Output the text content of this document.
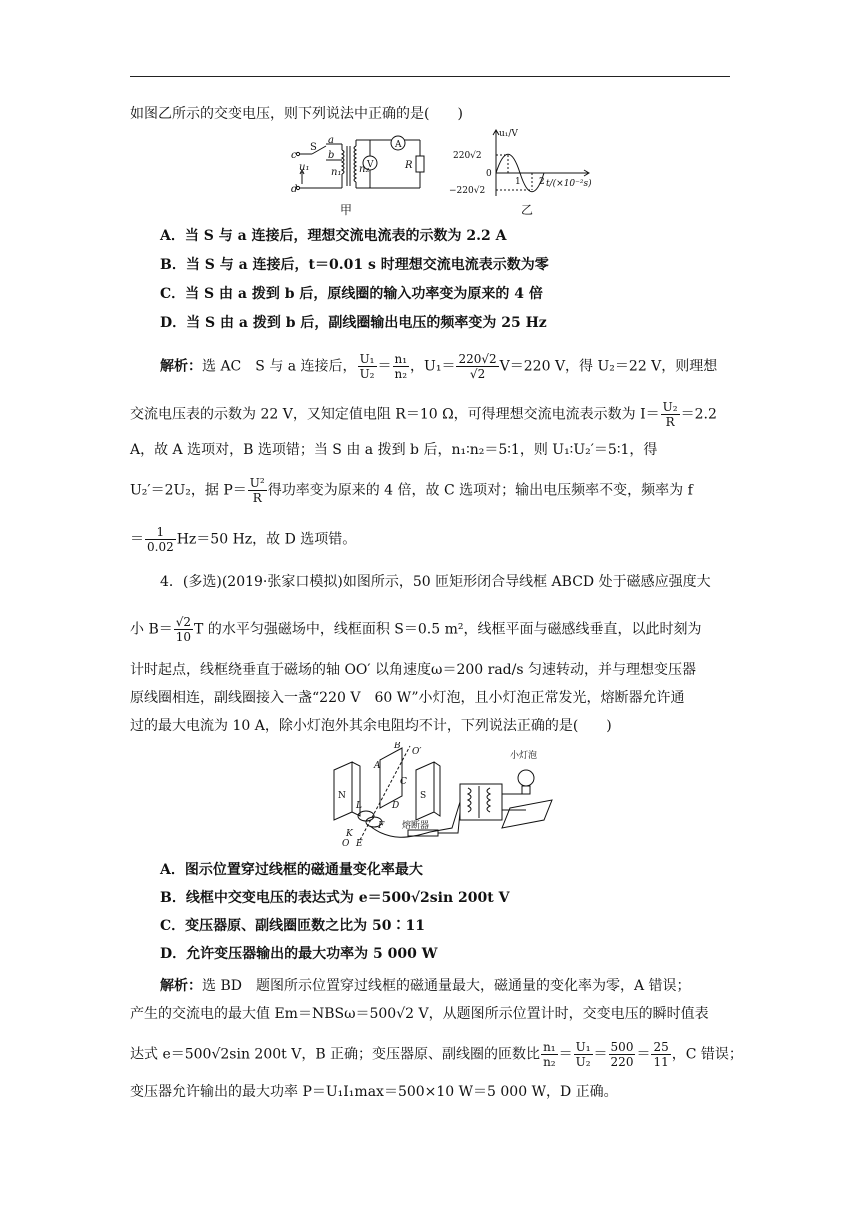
如图乙所示的交变电压，则下列说法中正确的是(　　)
c
d
S
a
b
u₁ n₁ n₂
A
V	R
甲
u₁/V
220√2
0
−220√2
1 2 t/(×10⁻²s)
乙
A．当 S 与 a 连接后，理想交流电流表的示数为 2.2 A
B．当 S 与 a 连接后，t＝0.01 s 时理想交流电流表示数为零
C．当 S 由 a 拨到 b 后，原线圈的输入功率变为原来的 4 倍
D．当 S 由 a 拨到 b 后，副线圈输出电压的频率变为 25 Hz
解析：选 AC　S 与 a 连接后， $\frac{\text{U₁}}{\text{U₂}} = \frac{\text{n₁}}{\text{n₂}}$ ，$U_1= \frac{220√2}{√2} V=220$ V，得 U₂＝22 V，则理想
交流电压表的示数为 22 V，又知定值电阻 R＝10 Ω，可得理想交流电流表示数为 $I= \frac{\text{U₂}}{R} =2.2$
A，故 A 选项对，B 选项错；当 S 由 a 拨到 b 后，n₁∶n₂＝5∶1，则 U₁∶U₂′＝5∶1，得
U₂′＝2U₂，据 $P= \frac{\text{U²}}{R}$ 得功率变为原来的 4 倍，故 C 选项对；输出电压频率不变，频率为 f
＝ $\frac{1}{0.02} Hz=50$ Hz，故 D 选项错。
4．(多选)(2019·张家口模拟)如图所示，50 匝矩形闭合导线框 ABCD 处于磁感应强度大
小 $B= \frac{√2}{10}$ T 的水平匀强磁场中，线框面积 S＝0.5 m²，线框平面与磁感线垂直，以此时刻为
计时起点，线框绕垂直于磁场的轴 OO′ 以角速度ω＝200 rad/s 匀速转动，并与理想变压器
原线圈相连，副线圈接入一盏“220 V　60 W”小灯泡，且小灯泡正常发光，熔断器允许通
过的最大电流为 10 A，除小灯泡外其余电阻均不计，下列说法正确的是(　　)
小灯泡
熔断器
N	S
A
B
C
D
E
F
K
L
O
O′
A．图示位置穿过线框的磁通量变化率最大
B．线框中交变电压的表达式为 e＝500√2sin 200t V
C．变压器原、副线圈匝数之比为 50∶11
D．允许变压器输出的最大功率为 5 000 W
解析：选 BD　题图所示位置穿过线框的磁通量最大，磁通量的变化率为零，A 错误；
产生的交流电的最大值 Em＝NBSω＝500√2 V，从题图所示位置计时，交变电压的瞬时值表
达式 e＝500√2sin 200t V，B 正确；变压器原、副线圈的匝数比 $\frac{\text{n₁}}{\text{n₂}} = \frac{\text{U₁}}{\text{U₂}} = \frac{500}{220} = \frac{25}{11}$ ，C 错误；
变压器允许输出的最大功率 P＝U₁I₁max＝500×10 W＝5 000 W，D 正确。
